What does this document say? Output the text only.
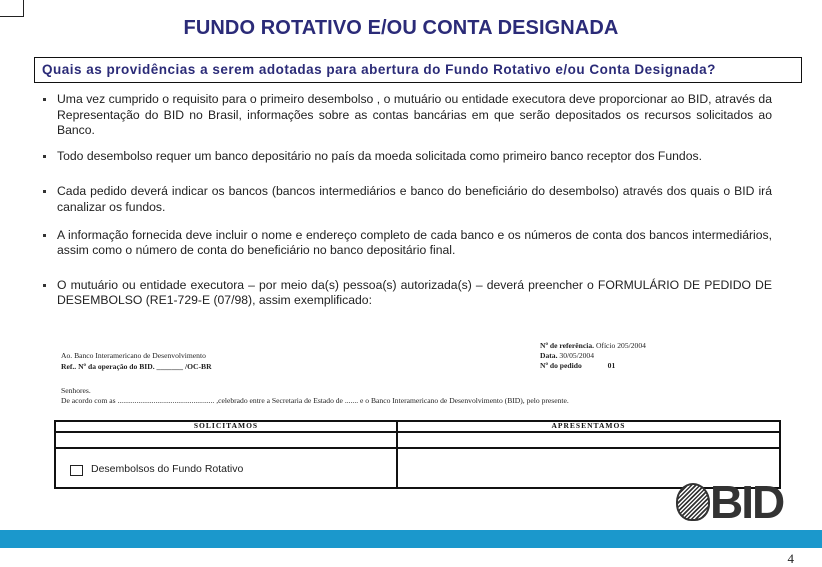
FUNDO ROTATIVO E/OU CONTA DESIGNADA
Quais as providências a serem adotadas para abertura do Fundo Rotativo e/ou Conta Designada?
Uma vez cumprido o requisito para o primeiro desembolso , o mutuário ou entidade executora deve proporcionar ao BID, através da Representação do BID no Brasil, informações sobre as contas bancárias em que serão depositados os recursos solicitados ao Banco.
Todo desembolso requer um banco depositário no país da moeda solicitada como primeiro banco receptor dos Fundos.
Cada pedido deverá indicar os bancos (bancos intermediários e banco do beneficiário do desembolso) através dos quais o BID irá canalizar os fundos.
A informação fornecida deve incluir o nome e endereço completo de cada banco e os números de conta dos bancos intermediários, assim como o número de conta do beneficiário no banco depositário final.
O mutuário ou entidade executora – por meio da(s) pessoa(s) autorizada(s) – deverá preencher o FORMULÁRIO DE PEDIDO DE DESEMBOLSO (RE1-729-E (07/98), assim exemplificado:
Nº de referência. Ofício 205/2004
Data. 30/05/2004
Nº do pedido	01
Ao. Banco Interamericano de Desenvolvimento
Ref.. Nº da operação do BID. _______ /OC-BR
Senhores.
De acordo com as ................................................... ,celebrado entre a Secretaria de Estado de ....... e o Banco Interamericano de Desenvolvimento (BID), pelo presente.
SOLICITAMOS	APRESENTAMOS
Desembolsos do Fundo Rotativo
BID
4
